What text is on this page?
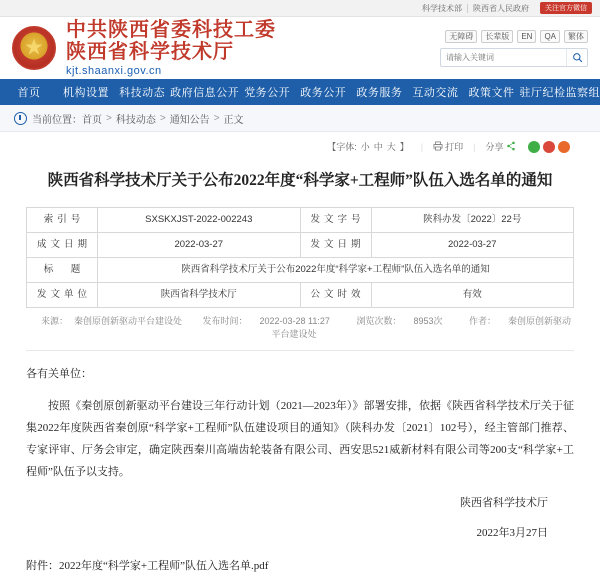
科学技术部	陕西省人民政府	关注官方微信
★
中共陕西省委科技工委
陕西省科学技术厅
kjt.shaanxi.gov.cn
无障碍	长辈版	EN	QA	繁体
请输入关键词
首页	机构设置 科技动态 政府信息公开 党务公开 政务公开 政务服务 互动交流 政策文件 驻厅纪检监察组
当前位置： 首页 > 科技动态 > 通知公告 > 正文
【字体: 小 中 大 】 |	打印 | 分享
陕西省科学技术厅关于公布2022年度“科学家+工程师”队伍入选名单的通知
索引号	SXSKXJST-2022-002243	发文字号	陕科办发〔2022〕22号
成文日期	2022-03-27	发文日期	2022-03-27
标　题	陕西省科学技术厅关于公布2022年度“科学家+工程师”队伍入选名单的通知		
发文单位	陕西省科学技术厅	公文时效	有效
来源： 秦创原创新驱动平台建设处 发布时间： 2022-03-28 11:27	浏览次数： 8953次	作者： 秦创原创新驱动平台建设处

各有关单位：

按照《秦创原创新驱动平台建设三年行动计划（2021—2023年）》部署安排，依据《陕西省科学技术厅关于征集2022年度陕西省秦创原“科学家+工程师”队伍建设项目的通知》（陕科办发〔2021〕102号），经主管部门推荐、专家评审、厅务会审定，确定陕西秦川高端齿轮装备有限公司、西安思521威新材料有限公司等200支“科学家+工程师”队伍予以支持。

陕西省科学技术厅

2022年3月27日

附件：2022年度“科学家+工程师”队伍入选名单.pdf
